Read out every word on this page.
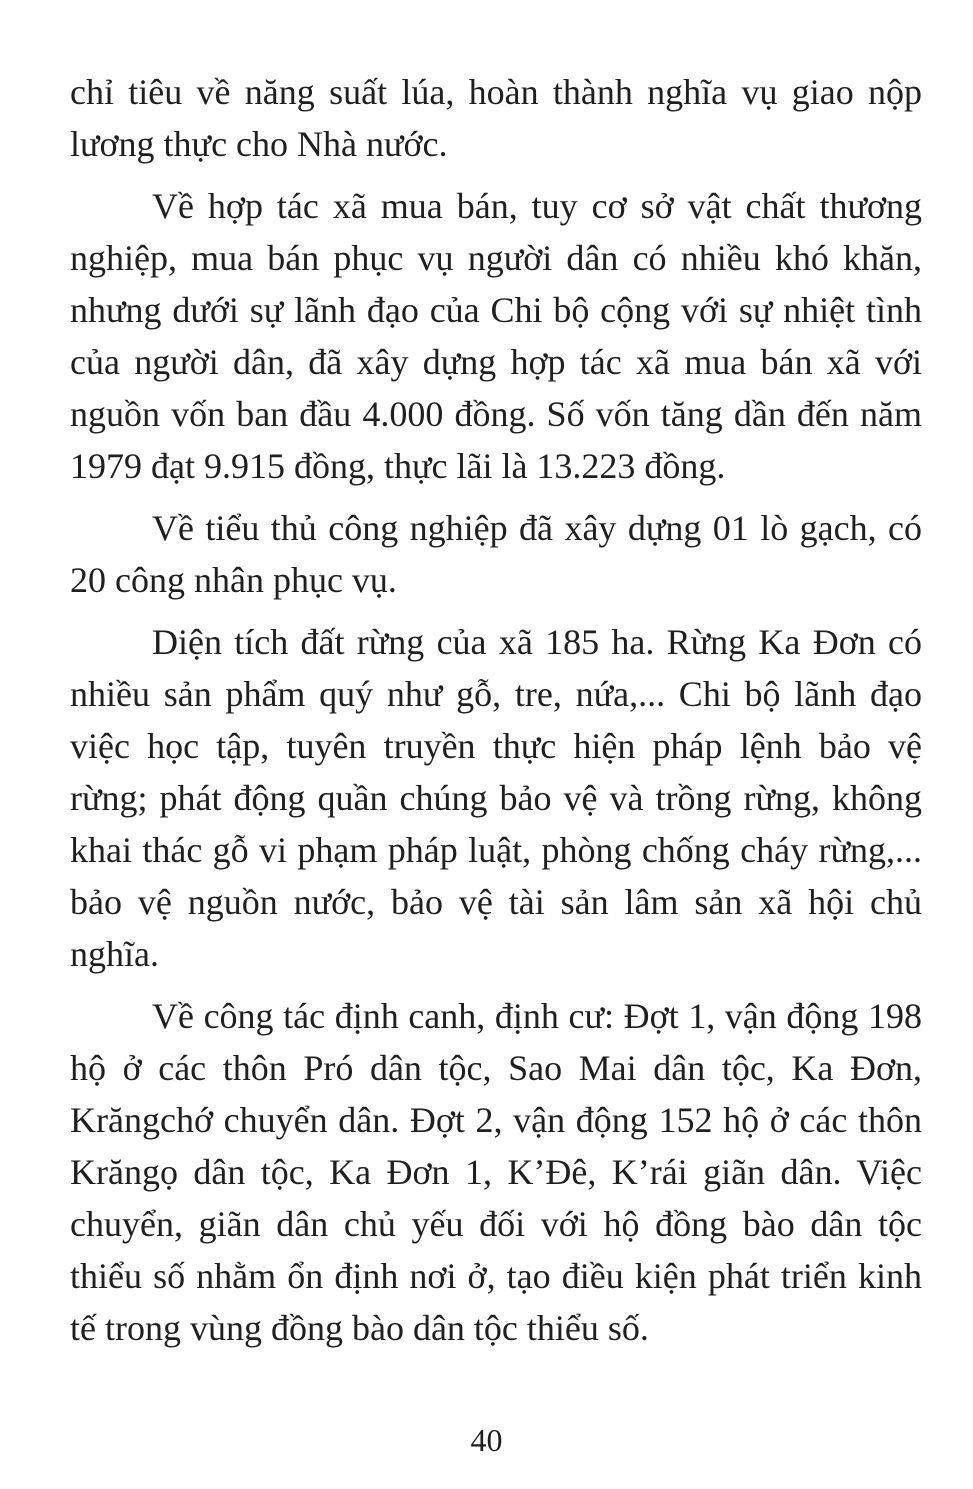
chỉ tiêu về năng suất lúa, hoàn thành nghĩa vụ giao nộp lương thực cho Nhà nước.

Về hợp tác xã mua bán, tuy cơ sở vật chất thương nghiệp, mua bán phục vụ người dân có nhiều khó khăn, nhưng dưới sự lãnh đạo của Chi bộ cộng với sự nhiệt tình của người dân, đã xây dựng hợp tác xã mua bán xã với nguồn vốn ban đầu 4.000 đồng. Số vốn tăng dần đến năm 1979 đạt 9.915 đồng, thực lãi là 13.223 đồng.

Về tiểu thủ công nghiệp đã xây dựng 01 lò gạch, có 20 công nhân phục vụ.

Diện tích đất rừng của xã 185 ha. Rừng Ka Đơn có nhiều sản phẩm quý như gỗ, tre, nứa,... Chi bộ lãnh đạo việc học tập, tuyên truyền thực hiện pháp lệnh bảo vệ rừng; phát động quần chúng bảo vệ và trồng rừng, không khai thác gỗ vi phạm pháp luật, phòng chống cháy rừng,... bảo vệ nguồn nước, bảo vệ tài sản lâm sản xã hội chủ nghĩa.

Về công tác định canh, định cư: Đợt 1, vận động 198 hộ ở các thôn Pró dân tộc, Sao Mai dân tộc, Ka Đơn, Krăngchớ chuyển dân. Đợt 2, vận động 152 hộ ở các thôn Krăngọ dân tộc, Ka Đơn 1, K’Đê, K’rái giãn dân. Việc chuyển, giãn dân chủ yếu đối với hộ đồng bào dân tộc thiểu số nhằm ổn định nơi ở, tạo điều kiện phát triển kinh tế trong vùng đồng bào dân tộc thiểu số.

40
